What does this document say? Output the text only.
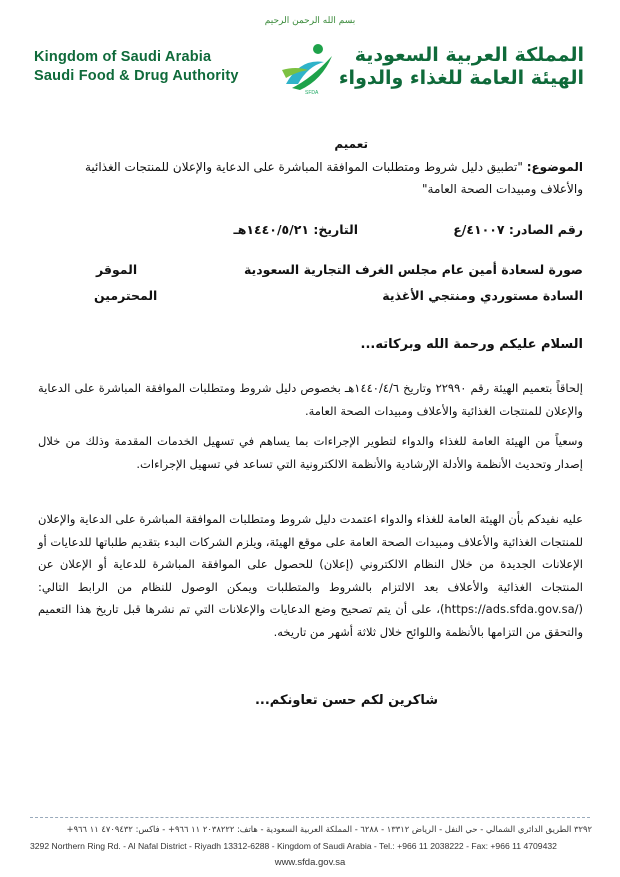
بسم الله الرحمن الرحيم
Kingdom of Saudi Arabia
Saudi Food & Drug Authority
المملكة العربية السعودية
الهيئة العامة للغذاء والدواء
SFDA
تعميم
الموضوع: "تطبيق دليل شروط ومتطلبات الموافقة المباشرة على الدعاية والإعلان للمنتجات الغذائية والأعلاف ومبيدات الصحة العامة"
رقم الصادر: ٤١٠٠٧/ع
التاريخ: ١٤٤٠/٥/٢١هـ
صورة لسعادة أمين عام مجلس الغرف التجارية السعودية
السادة مستوردي ومنتجي الأغذية
الموقر
المحترمين
السلام عليكم ورحمة الله وبركاته...
إلحاقاً بتعميم الهيئة رقم ٢٢٩٩٠ وتاريخ ١٤٤٠/٤/٦هـ بخصوص دليل شروط ومتطلبات الموافقة المباشرة على الدعاية والإعلان للمنتجات الغذائية والأعلاف ومبيدات الصحة العامة.
وسعياً من الهيئة العامة للغذاء والدواء لتطوير الإجراءات بما يساهم في تسهيل الخدمات المقدمة وذلك من خلال إصدار وتحديث الأنظمة والأدلة الإرشادية والأنظمة الالكترونية التي تساعد في تسهيل الإجراءات.
عليه نفيدكم بأن الهيئة العامة للغذاء والدواء اعتمدت دليل شروط ومتطلبات الموافقة المباشرة على الدعاية والإعلان للمنتجات الغذائية والأعلاف ومبيدات الصحة العامة على موقع الهيئة، ويلزم الشركات البدء بتقديم طلباتها للدعايات أو الإعلانات الجديدة من خلال النظام الالكتروني (إعلان) للحصول على الموافقة المباشرة للدعاية أو الإعلان عن المنتجات الغذائية والأعلاف بعد الالتزام بالشروط والمتطلبات ويمكن الوصول للنظام من الرابط التالي: (https://ads.sfda.gov.sa/)، على أن يتم تصحيح وضع الدعايات والإعلانات التي تم نشرها قبل تاريخ هذا التعميم والتحقق من التزامها بالأنظمة واللوائح خلال ثلاثة أشهر من تاريخه.
شاكرين لكم حسن تعاونكم...
٣٢٩٢ الطريق الدائري الشمالي - حي النفل - الرياض ١٣٣١٢ - ٦٢٨٨ - المملكة العربية السعودية - هاتف: ٢٠٣٨٢٢٢ ١١ ٩٦٦+ - فاكس: ٤٧٠٩٤٣٢ ١١ ٩٦٦+
3292 Northern Ring Rd. - Al Nafal District - Riyadh 13312-6288 - Kingdom of Saudi Arabia - Tel.: +966 11 2038222 - Fax: +966 11 4709432
www.sfda.gov.sa
